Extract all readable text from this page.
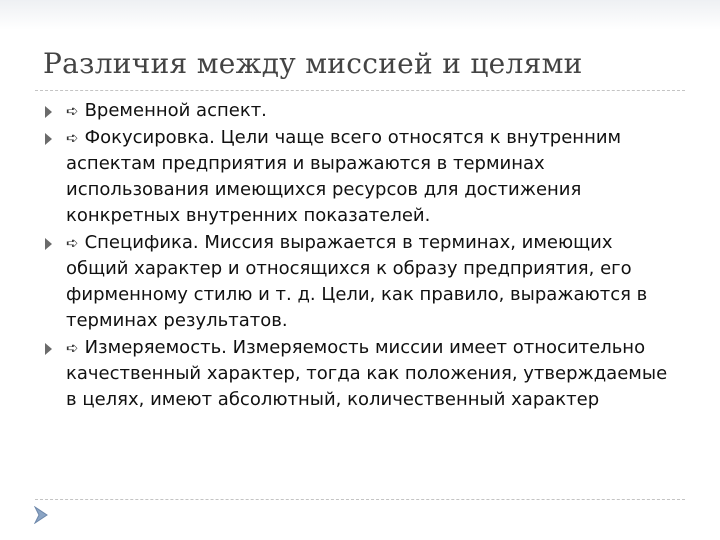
Различия между миссией и целями
➪ Временной аспект.
➪ Фокусировка. Цели чаще всего относятся к внутренним аспектам предприятия и выражаются в терминах использования имеющихся ресурсов для достижения конкретных внутренних показателей.
➪ Специфика. Миссия выражается в терминах, имеющих общий характер и относящихся к образу предприятия, его фирменному стилю и т. д. Цели, как правило, выражаются в терминах результатов.
➪ Измеряемость. Измеряемость миссии имеет относительно качественный характер, тогда как положения, утверждаемые в целях, имеют абсолютный, количественный характер
